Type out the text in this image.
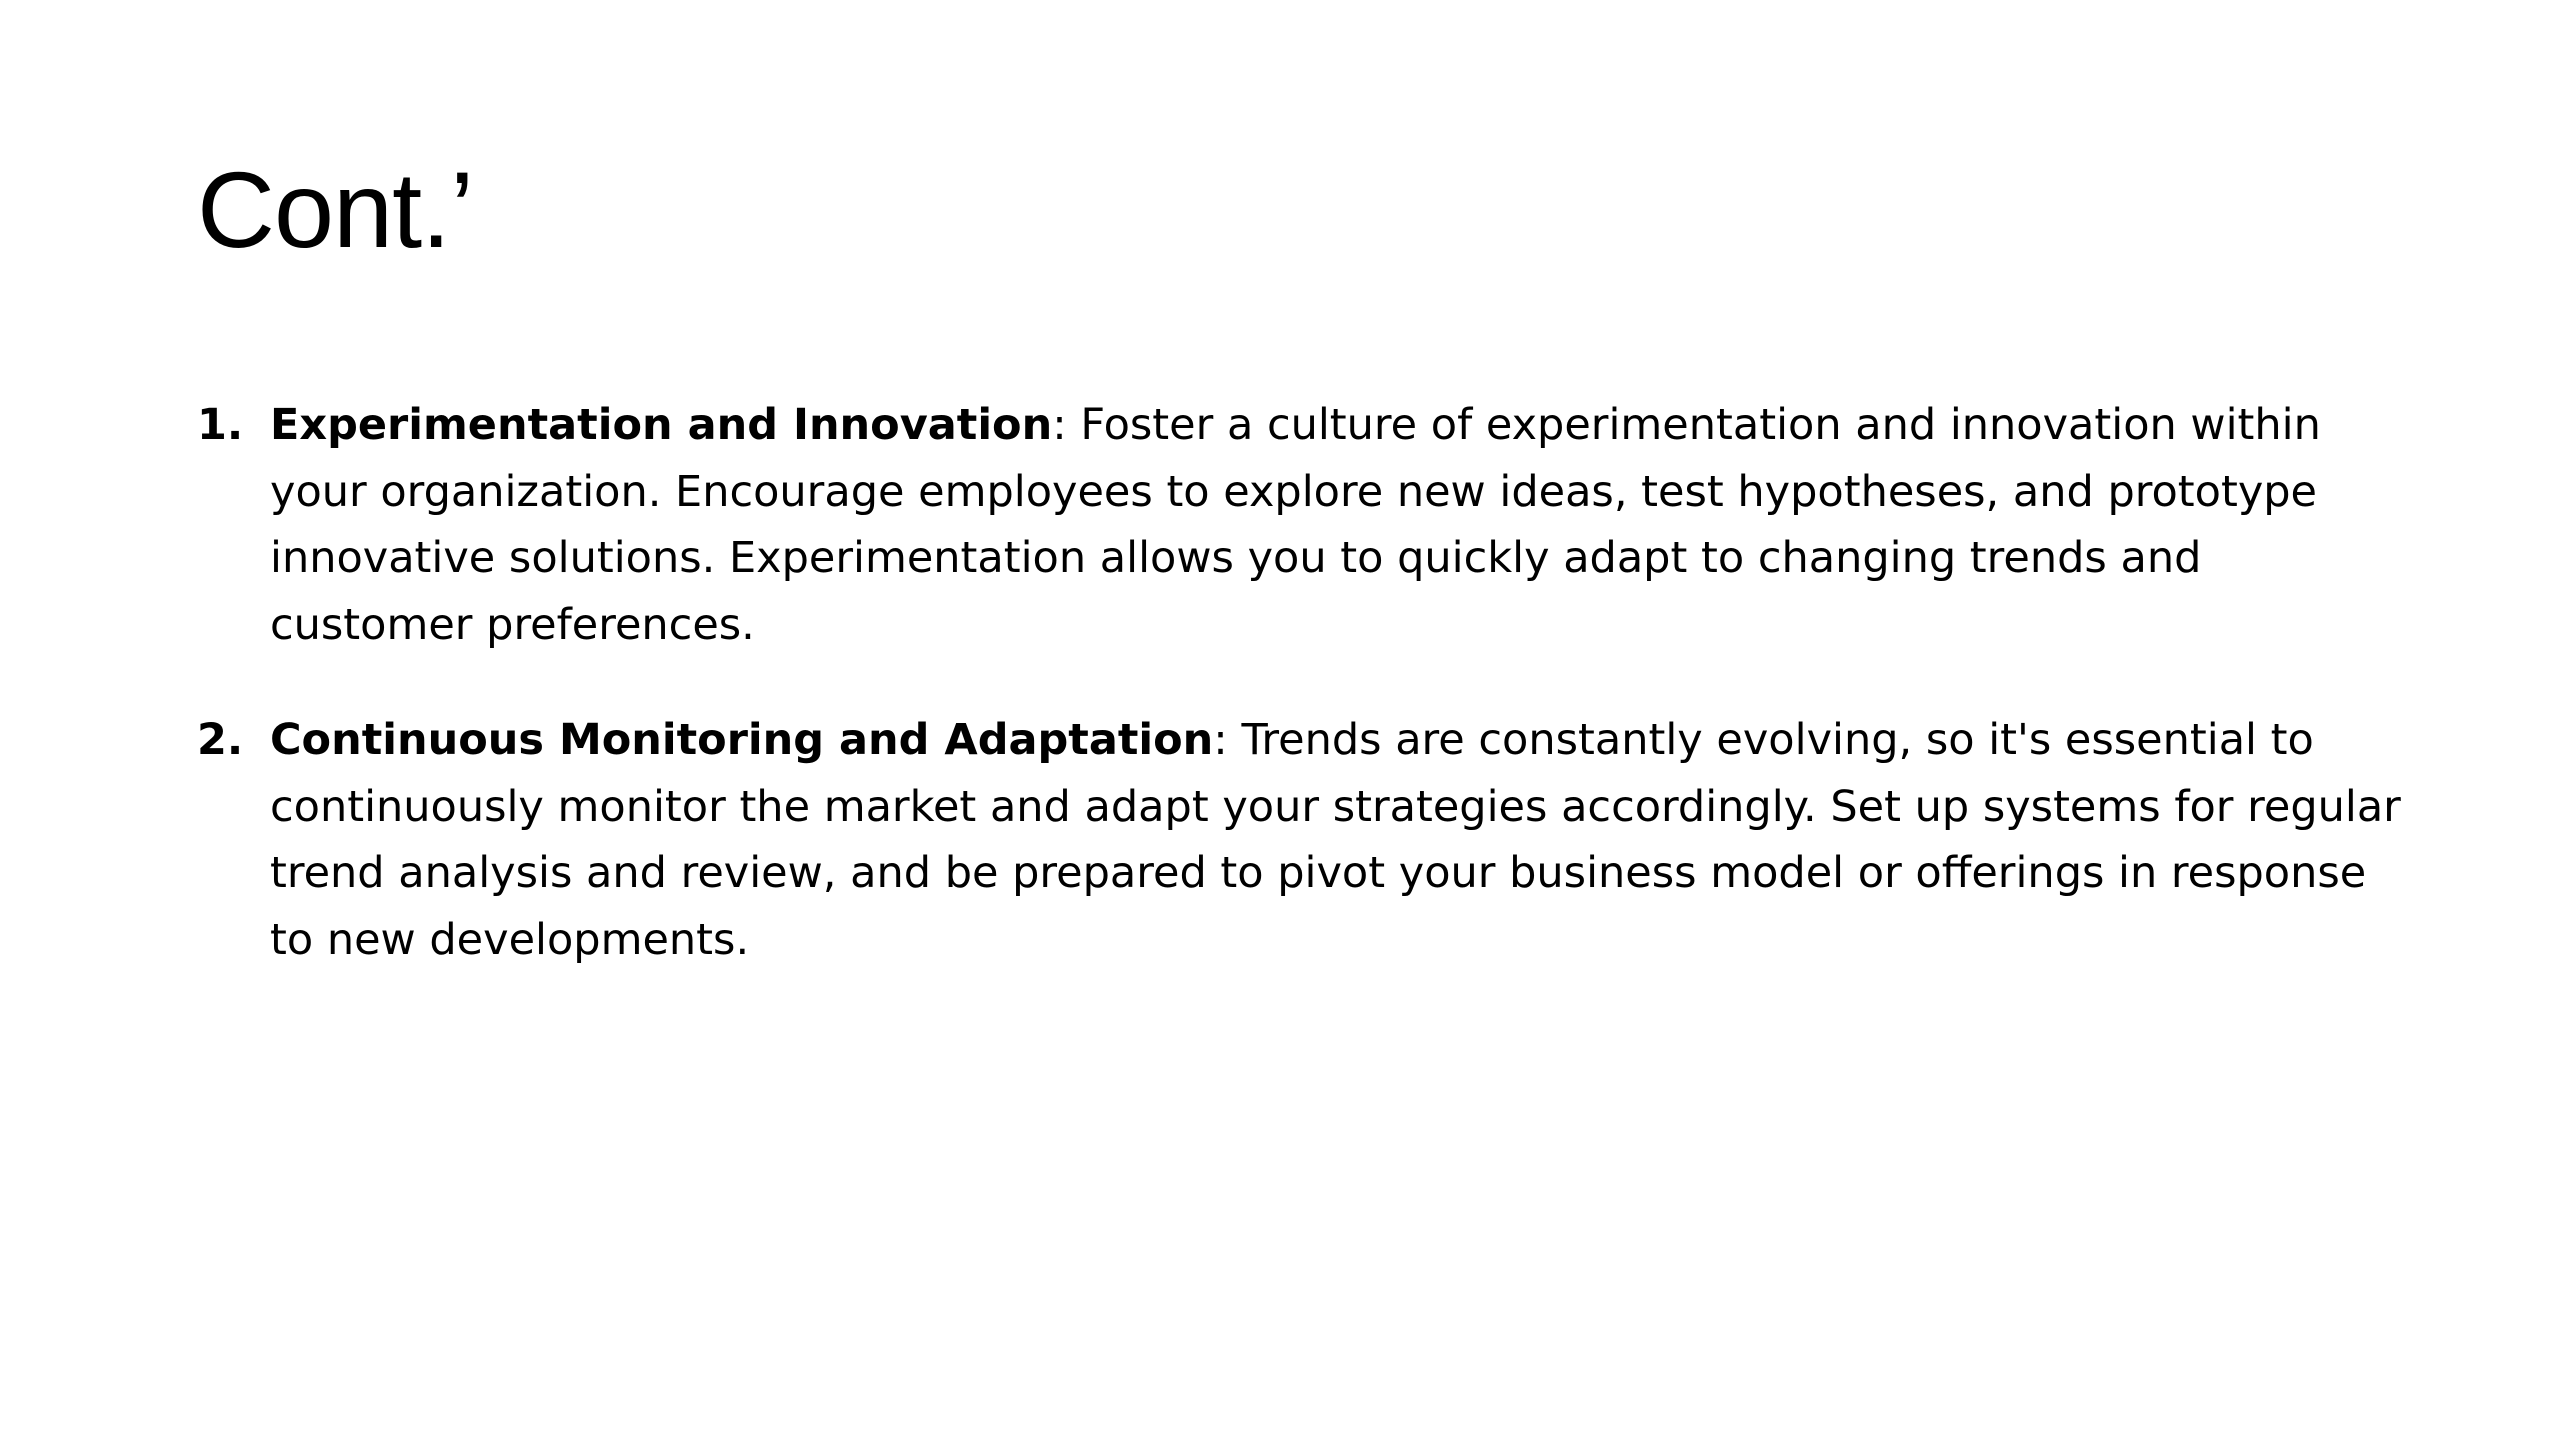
Cont.’
1. Experimentation and Innovation: Foster a culture of experimentation and innovation within your organization. Encourage employees to explore new ideas, test hypotheses, and prototype innovative solutions. Experimentation allows you to quickly adapt to changing trends and customer preferences.
2. Continuous Monitoring and Adaptation: Trends are constantly evolving, so it's essential to continuously monitor the market and adapt your strategies accordingly. Set up systems for regular trend analysis and review, and be prepared to pivot your business model or offerings in response to new developments.
